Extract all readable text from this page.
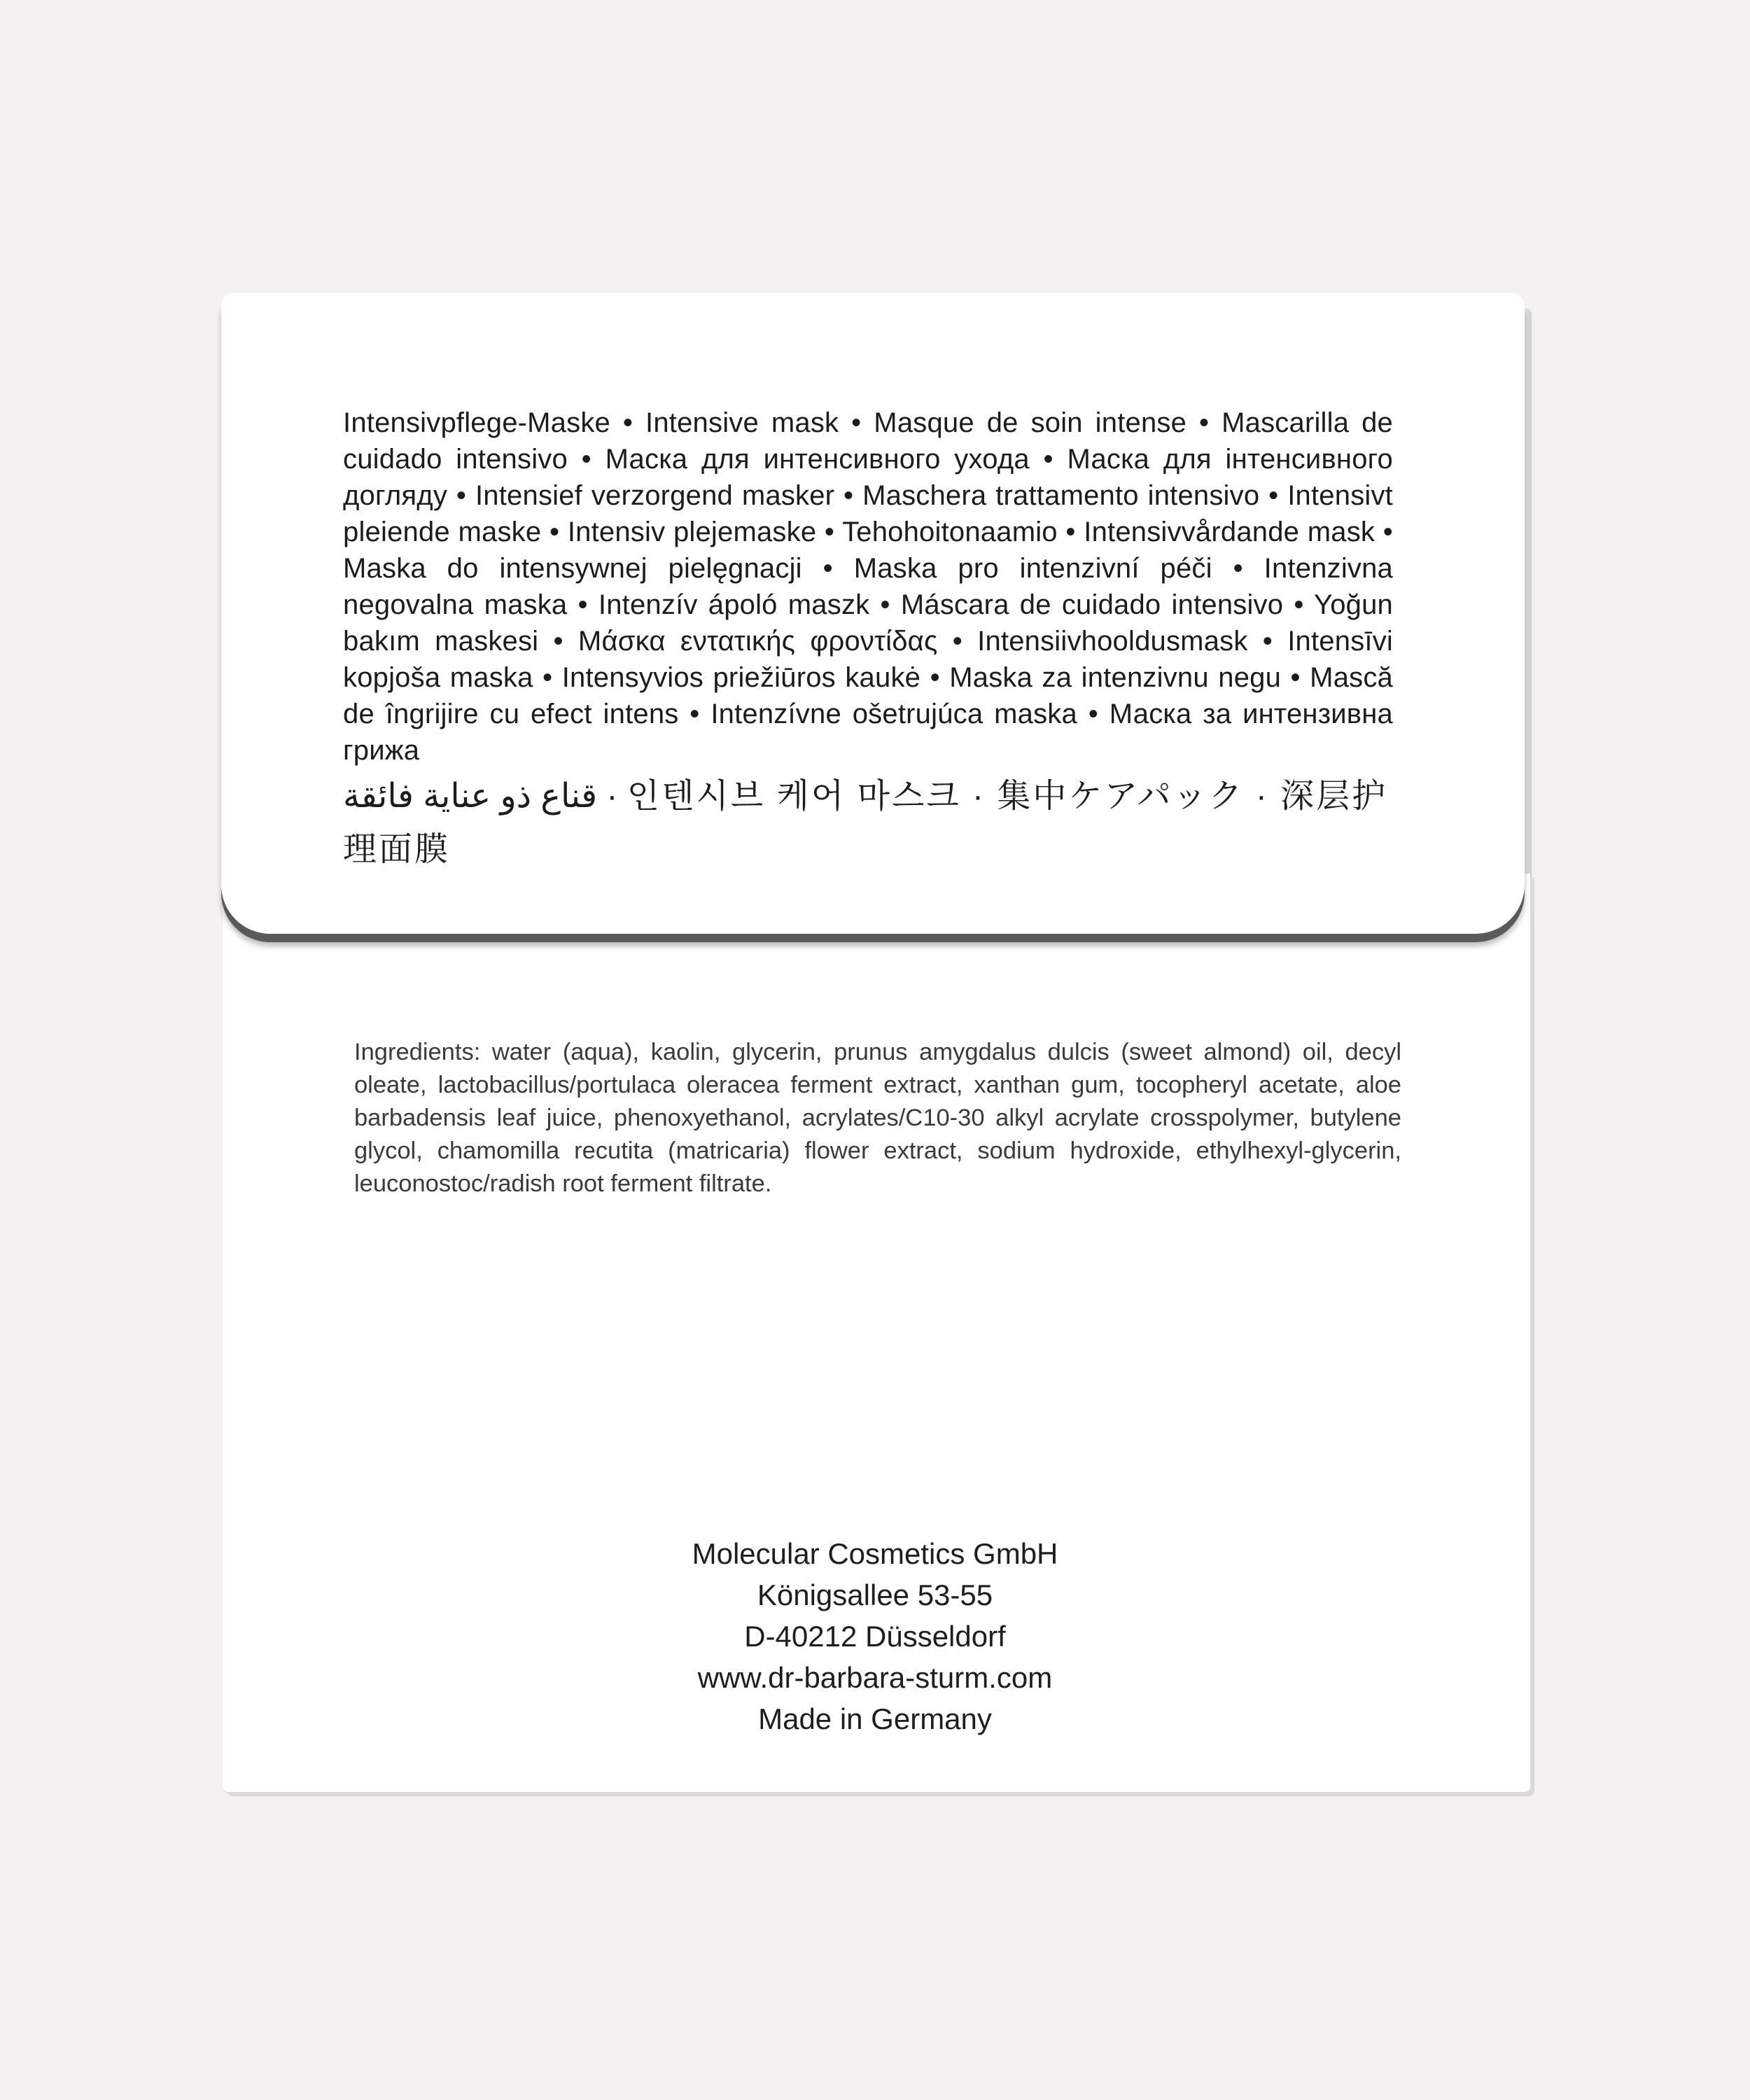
Intensivpflege-Maske • Intensive mask • Masque de soin intense • Mascarilla de cuidado intensivo • Маска для интенсивного ухода • Маска для інтенсивного догляду • Intensief verzorgend masker • Maschera trattamento intensivo • Intensivt pleiende maske • Intensiv plejemaske • Tehohoitonaamio • Intensivvårdande mask • Maska do intensywnej pielęgnacji • Maska pro intenzivní péči • Intenzivna negovalna maska • Intenzív ápoló maszk • Máscara de cuidado intensivo • Yoğun bakım maskesi • Μάσκα εντατικής φροντίδας • Intensiivhooldusmask • Intensīvi kopjoša maska • Intensyvios priežiūros kaukė • Maska za intenzivnu negu • Mască de îngrijire cu efect intens • Intenzívne ošetrujúca maska • Маска за интензивна грижа
قناع ذو عناية فائقة · 인텐시브 케어 마스크 · 集中ケアパック · 深层护理面膜
Ingredients: water (aqua), kaolin, glycerin, prunus amygdalus dulcis (sweet almond) oil, decyl oleate, lactobacillus/portulaca oleracea ferment extract, xanthan gum, tocopheryl acetate, aloe barbadensis leaf juice, phenoxyethanol, acrylates/C10-30 alkyl acrylate crosspolymer, butylene glycol, chamomilla recutita (matricaria) flower extract, sodium hydroxide, ethylhexyl-glycerin, leuconostoc/radish root ferment filtrate.
Molecular Cosmetics GmbH
Königsallee 53-55
D-40212 Düsseldorf
www.dr-barbara-sturm.com
Made in Germany
